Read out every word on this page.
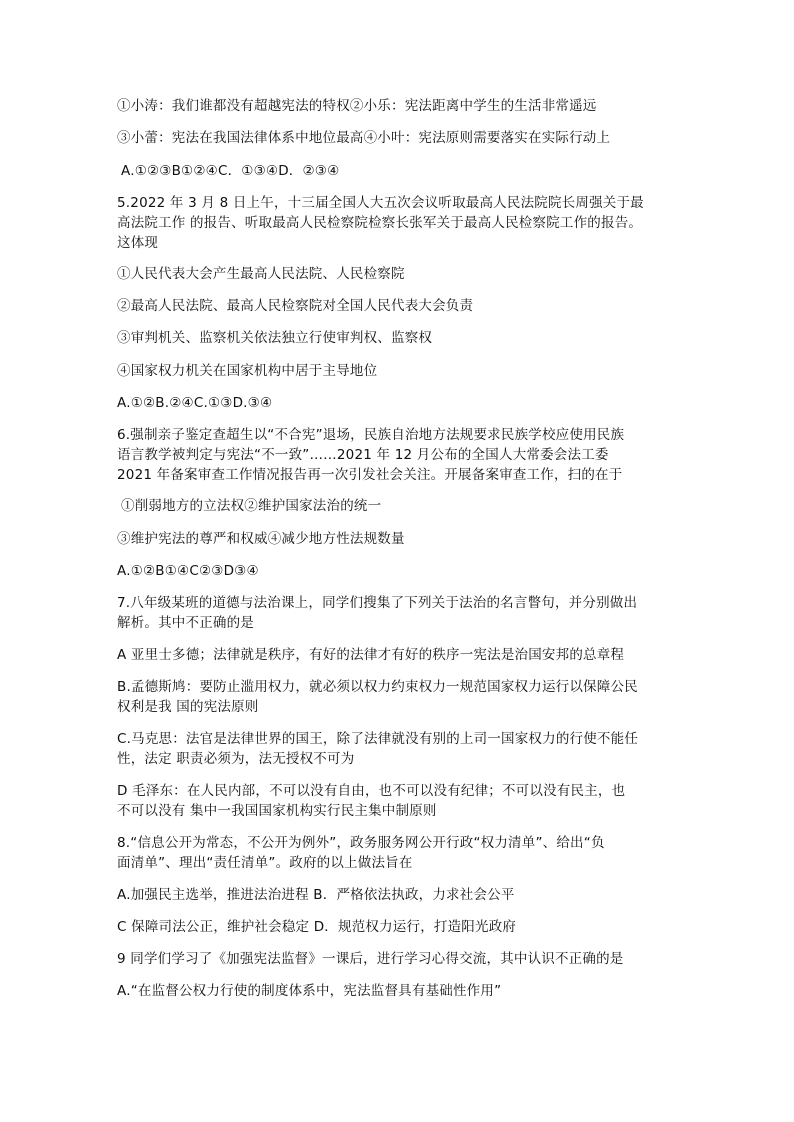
①小涛：我们谁都没有超越宪法的特权②小乐：宪法距离中学生的生活非常遥远
③小蕾：宪法在我国法律体系中地位最高④小叶：宪法原则需要落实在实际行动上
A.①②③B①②④C．①③④D．②③④
5.2022 年 3 月 8 日上午，十三届全国人大五次会议听取最高人民法院院长周强关于最
高法院工作 的报告、听取最高人民检察院检察长张军关于最高人民检察院工作的报告。
这体现
①人民代表大会产生最高人民法院、人民检察院
②最高人民法院、最高人民检察院对全国人民代表大会负责
③审判机关、监察机关依法独立行使审判权、监察权
④国家权力机关在国家机构中居于主导地位
A.①②B.②④C.①③D.③④
6.强制亲子鉴定查超生以“不合宪”退场，民族自治地方法规要求民族学校应使用民族
语言教学被判定与宪法“不一致”……2021 年 12 月公布的全国人大常委会法工委
2021 年备案审查工作情况报告再一次引发社会关注。开展备案审查工作，扫的在于
①削弱地方的立法权②维护国家法治的统一
③维护宪法的尊严和权威④减少地方性法规数量
A.①②B①④C②③D③④
7.八年级某班的道德与法治课上，同学们搜集了下列关于法治的名言瞥句，并分别做出
解析。其中不正确的是
A 亚里士多德；法律就是秩序，有好的法律才有好的秩序一宪法是治国安邦的总章程
B.孟德斯鸠：要防止滥用权力，就必须以权力约束权力一规范国家权力运行以保障公民
权利是我 国的宪法原则
C.马克思：法官是法律世界的国王，除了法律就没有别的上司一国家权力的行使不能任
性，法定 职责必须为，法无授权不可为
D 毛泽东：在人民内部，不可以没有自由，也不可以没有纪律；不可以没有民主，也
不可以没有 集中一我国国家机构实行民主集中制原则
8.“信息公开为常态，不公开为例外”，政务服务网公开行政“权力清单”、给出“负
面清单”、理出“责任清单”。政府的以上做法旨在
A.加强民主选举，推进法治进程 B．严格依法执政，力求社会公平
C 保障司法公正，维护社会稳定 D．规范权力运行，打造阳光政府
9 同学们学习了《加强宪法监督》一课后，进行学习心得交流，其中认识不正确的是
A.“在监督公权力行使的制度体系中，宪法监督具有基础性作用”
